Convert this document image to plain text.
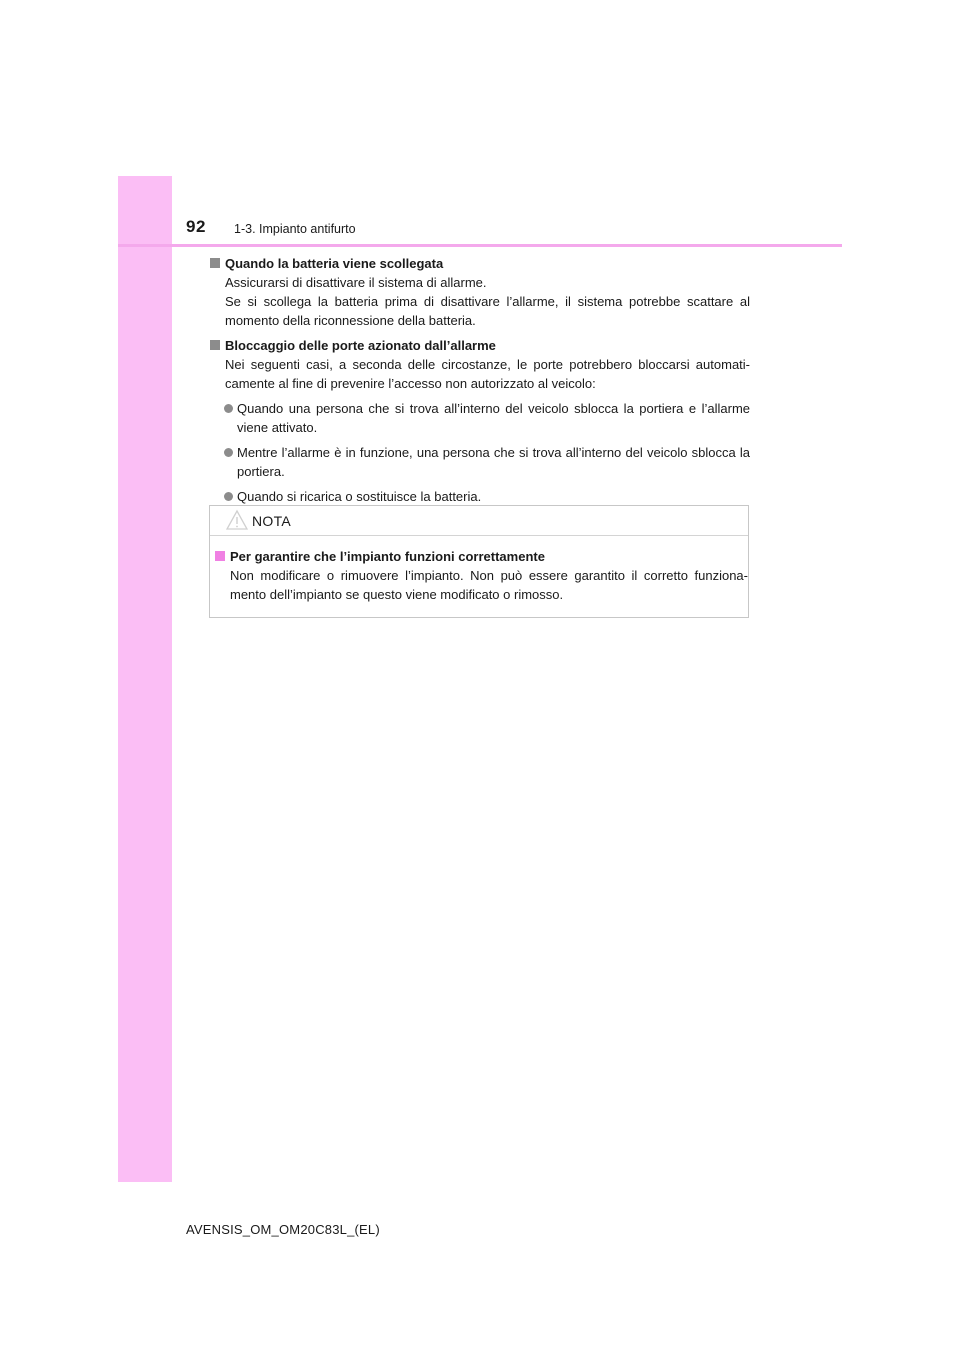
92 1-3. Impianto antifurto
Quando la batteria viene scollegata
Assicurarsi di disattivare il sistema di allarme.
Se si scollega la batteria prima di disattivare l’allarme, il sistema potrebbe scattare al momento della riconnessione della batteria.
Bloccaggio delle porte azionato dall’allarme
Nei seguenti casi, a seconda delle circostanze, le porte potrebbero bloccarsi automati-camente al fine di prevenire l’accesso non autorizzato al veicolo:
Quando una persona che si trova all’interno del veicolo sblocca la portiera e l’allarme viene attivato.
Mentre l’allarme è in funzione, una persona che si trova all’interno del veicolo sblocca la portiera.
Quando si ricarica o sostituisce la batteria.
NOTA
Per garantire che l’impianto funzioni correttamente
Non modificare o rimuovere l’impianto. Non può essere garantito il corretto funziona-mento dell’impianto se questo viene modificato o rimosso.
AVENSIS_OM_OM20C83L_(EL)
